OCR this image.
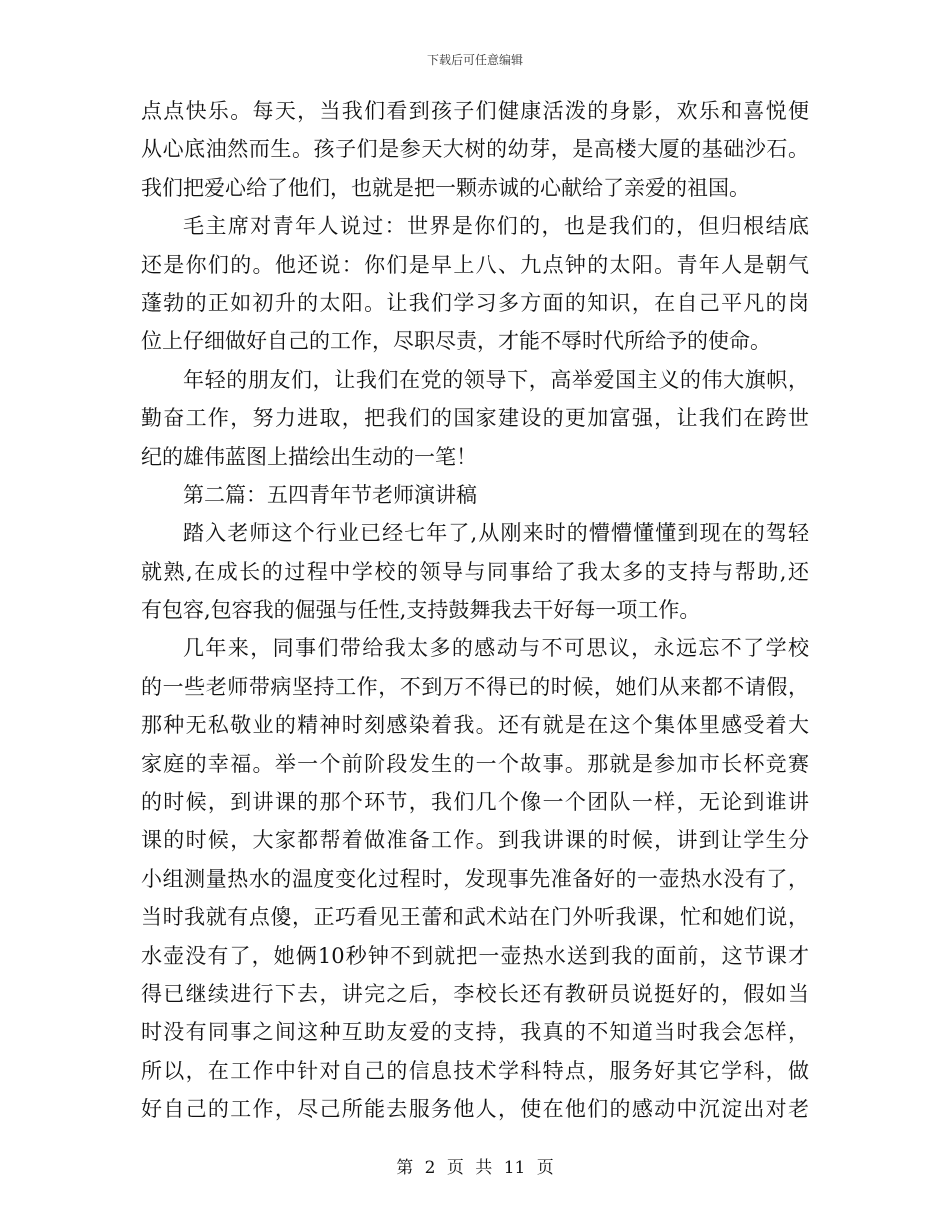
下载后可任意编辑
点点快乐。每天，当我们看到孩子们健康活泼的身影，欢乐和喜悦便
从心底油然而生。孩子们是参天大树的幼芽，是高楼大厦的基础沙石。
我们把爱心给了他们，也就是把一颗赤诚的心献给了亲爱的祖国。
毛主席对青年人说过：世界是你们的，也是我们的，但归根结底
还是你们的。他还说：你们是早上八、九点钟的太阳。青年人是朝气
蓬勃的正如初升的太阳。让我们学习多方面的知识，在自己平凡的岗
位上仔细做好自己的工作，尽职尽责，才能不辱时代所给予的使命。
年轻的朋友们，让我们在党的领导下，高举爱国主义的伟大旗帜，
勤奋工作，努力进取，把我们的国家建设的更加富强，让我们在跨世
纪的雄伟蓝图上描绘出生动的一笔！
第二篇：五四青年节老师演讲稿
踏入老师这个行业已经七年了,从刚来时的懵懵懂懂到现在的驾轻
就熟,在成长的过程中学校的领导与同事给了我太多的支持与帮助,还
有包容,包容我的倔强与任性,支持鼓舞我去干好每一项工作。
几年来，同事们带给我太多的感动与不可思议，永远忘不了学校
的一些老师带病坚持工作，不到万不得已的时候，她们从来都不请假，
那种无私敬业的精神时刻感染着我。还有就是在这个集体里感受着大
家庭的幸福。举一个前阶段发生的一个故事。那就是参加市长杯竞赛
的时候，到讲课的那个环节，我们几个像一个团队一样，无论到谁讲
课的时候，大家都帮着做准备工作。到我讲课的时候，讲到让学生分
小组测量热水的温度变化过程时，发现事先准备好的一壶热水没有了，
当时我就有点傻，正巧看见王蕾和武术站在门外听我课，忙和她们说，
水壶没有了，她俩10秒钟不到就把一壶热水送到我的面前，这节课才
得已继续进行下去，讲完之后，李校长还有教研员说挺好的，假如当
时没有同事之间这种互助友爱的支持，我真的不知道当时我会怎样，
所以，在工作中针对自己的信息技术学科特点，服务好其它学科，做
好自己的工作，尽己所能去服务他人，使在他们的感动中沉淀出对老
第 2 页 共 11 页
